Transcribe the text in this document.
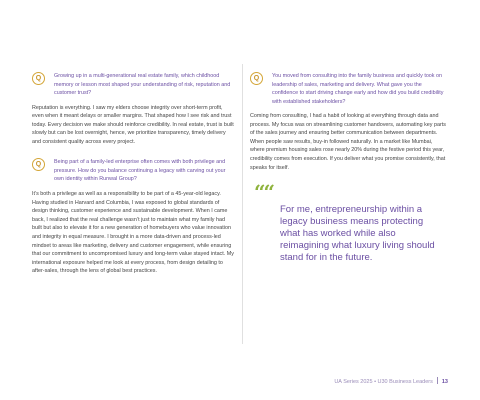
Q	Growing up in a multi-generational real estate family, which childhood memory or lesson most shaped your understanding of risk, reputation and customer trust?

Reputation is everything. I saw my elders choose integrity over short-term profit, even when it meant delays or smaller margins. That shaped how I see risk and trust today. Every decision we make should reinforce credibility. In real estate, trust is built slowly but can be lost overnight, hence, we prioritize transparency, timely delivery and consistent quality across every project.

Q	Being part of a family-led enterprise often comes with both privilege and pressure. How do you balance continuing a legacy with carving out your own identity within Runwal Group?

It’s both a privilege as well as a responsibility to be part of a 45-year-old legacy. Having studied in Harvard and Columbia, I was exposed to global standards of design thinking, customer experience and sustainable development. When I came back, I realized that the real challenge wasn’t just to maintain what my family had built but also to elevate it for a new generation of homebuyers who value innovation and integrity in equal measure. I brought in a more data-driven and process-led mindset to areas like marketing, delivery and customer engagement, while ensuring that our commitment to uncompromised luxury and long-term value stayed intact. My international exposure helped me look at every process, from design detailing to after-sales, through the lens of global best practices.

Q	You moved from consulting into the family business and quickly took on leadership of sales, marketing and delivery. What gave you the confidence to start driving change early and how did you build credibility with established stakeholders?

Coming from consulting, I had a habit of looking at everything through data and process. My focus was on streamlining customer handovers, automating key parts of the sales journey and ensuring better communication between departments. When people saw results, buy-in followed naturally. In a market like Mumbai, where premium housing sales rose nearly 20% during the festive period this year, credibility comes from execution. If you deliver what you promise consistently, that speaks for itself.

““

For me, entrepreneurship within a legacy business means protecting what has worked while also reimagining what luxury living should stand for in the future.

UA Series 2025 • U30 Business Leaders 13
